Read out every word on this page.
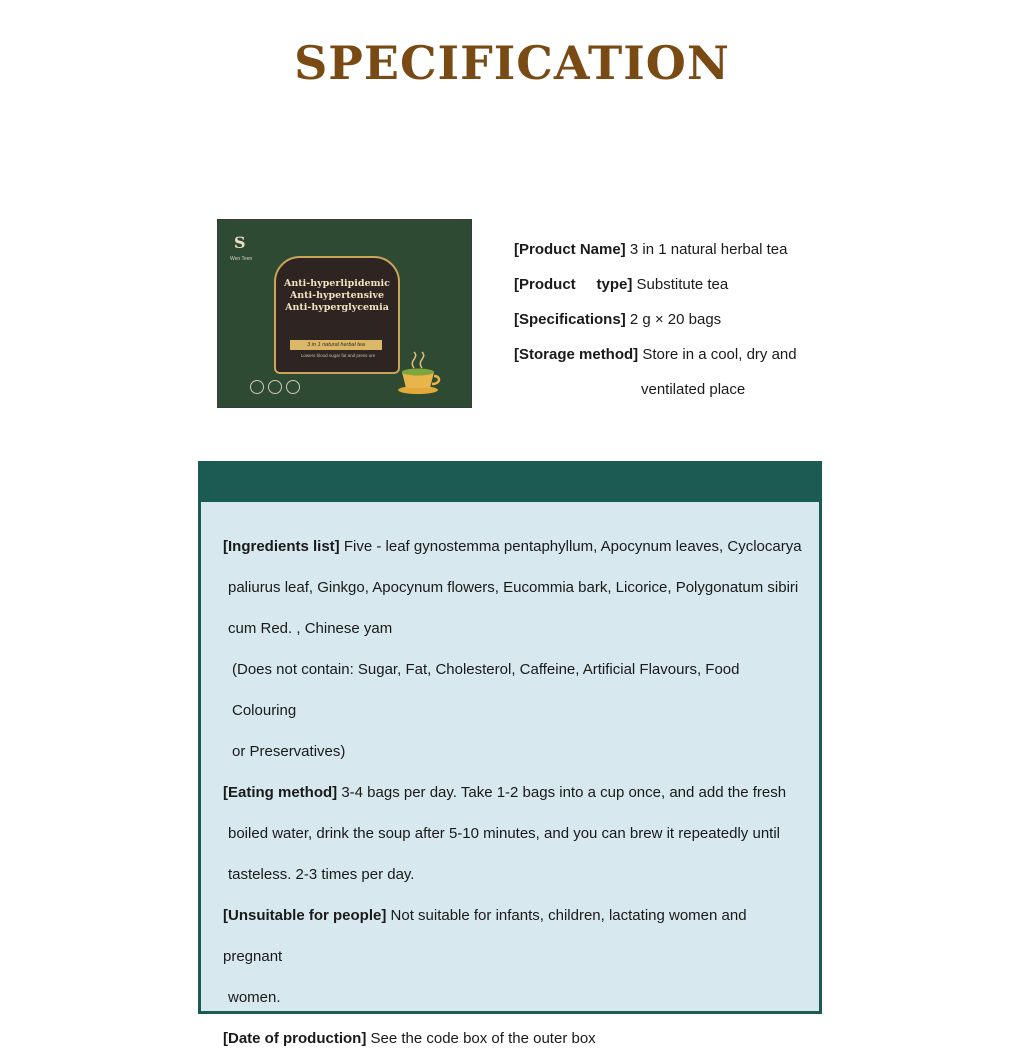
SPECIFICATION
S
Wen Teen
Anti-hyperlipidemic
Anti-hypertensive
Anti-hyperglycemia
3 in 1 natural herbal tea
Lowers blood sugar fat and press ure
[Product Name] 3 in 1 natural herbal tea
[Product     type] Substitute tea
[Specifications] 2 g × 20 bags
[Storage method] Store in a cool, dry and
ventilated place
[Ingredients list] Five - leaf gynostemma pentaphyllum, Apocynum leaves, Cyclocarya
paliurus leaf, Ginkgo, Apocynum flowers, Eucommia bark, Licorice, Polygonatum sibiri
cum Red. , Chinese yam
(Does not contain: Sugar, Fat, Cholesterol, Caffeine, Artificial Flavours, Food Colouring
or Preservatives)
[Eating method] 3-4 bags per day. Take 1-2 bags into a cup once, and add the fresh
boiled water, drink the soup after 5-10 minutes, and you can brew it repeatedly until
tasteless. 2-3 times per day.
[Unsuitable for people] Not suitable for infants, children, lactating women and pregnant
women.
[Date of production] See the code box of the outer box
